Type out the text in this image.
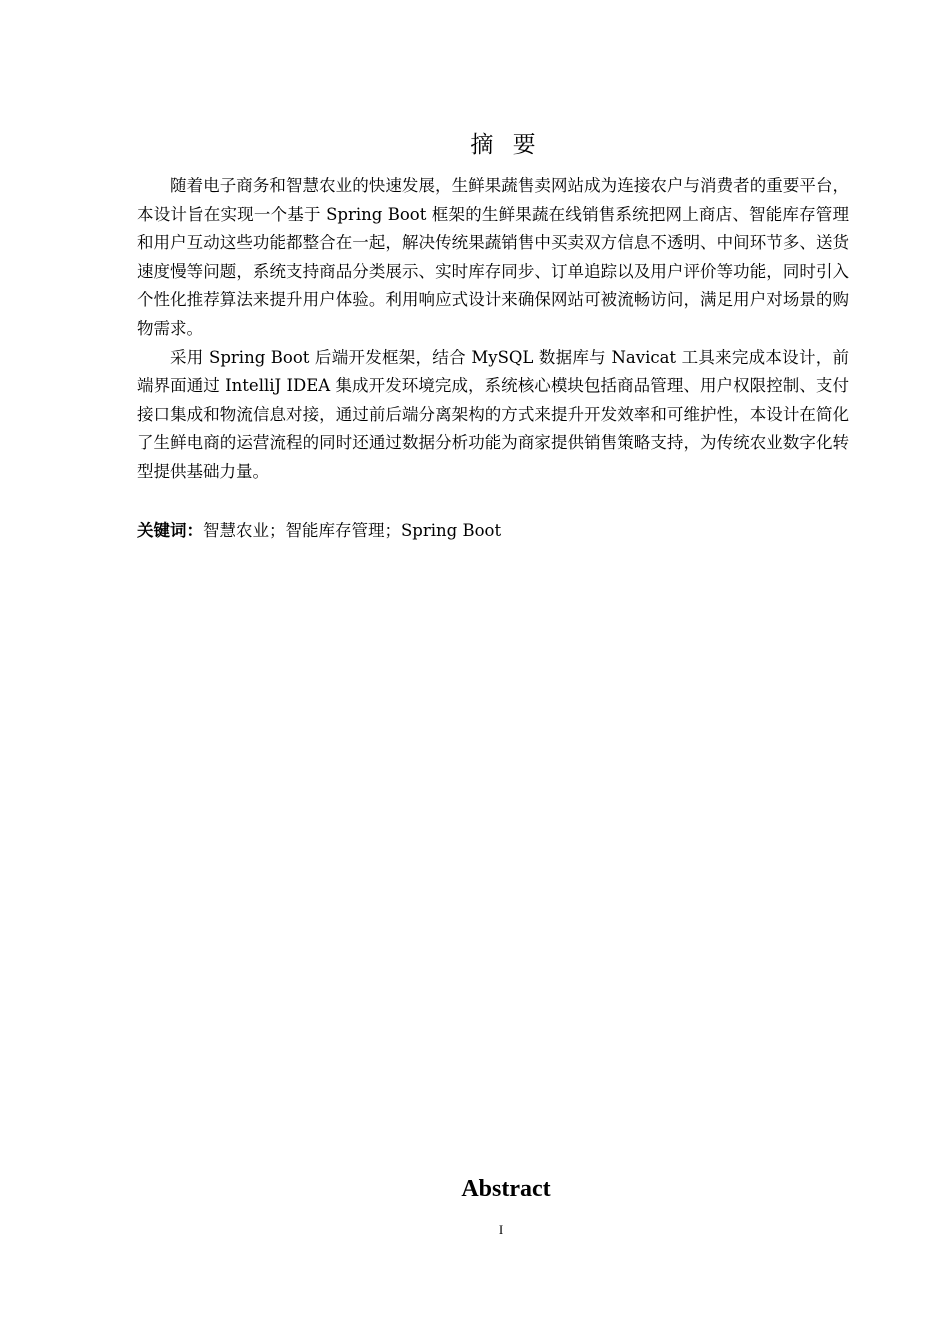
摘 要

随着电子商务和智慧农业的快速发展，生鲜果蔬售卖网站成为连接农户与消费者的重要平台，本设计旨在实现一个基于 Spring Boot 框架的生鲜果蔬在线销售系统把网上商店、智能库存管理和用户互动这些功能都整合在一起，解决传统果蔬销售中买卖双方信息不透明、中间环节多、送货速度慢等问题，系统支持商品分类展示、实时库存同步、订单追踪以及用户评价等功能，同时引入个性化推荐算法来提升用户体验。利用响应式设计来确保网站可被流畅访问，满足用户对场景的购物需求。

采用 Spring Boot 后端开发框架，结合 MySQL 数据库与 Navicat 工具来完成本设计，前端界面通过 IntelliJ IDEA 集成开发环境完成，系统核心模块包括商品管理、用户权限控制、支付接口集成和物流信息对接，通过前后端分离架构的方式来提升开发效率和可维护性，本设计在简化了生鲜电商的运营流程的同时还通过数据分析功能为商家提供销售策略支持，为传统农业数字化转型提供基础力量。

关键词：智慧农业；智能库存管理；Spring Boot
Abstract
I
